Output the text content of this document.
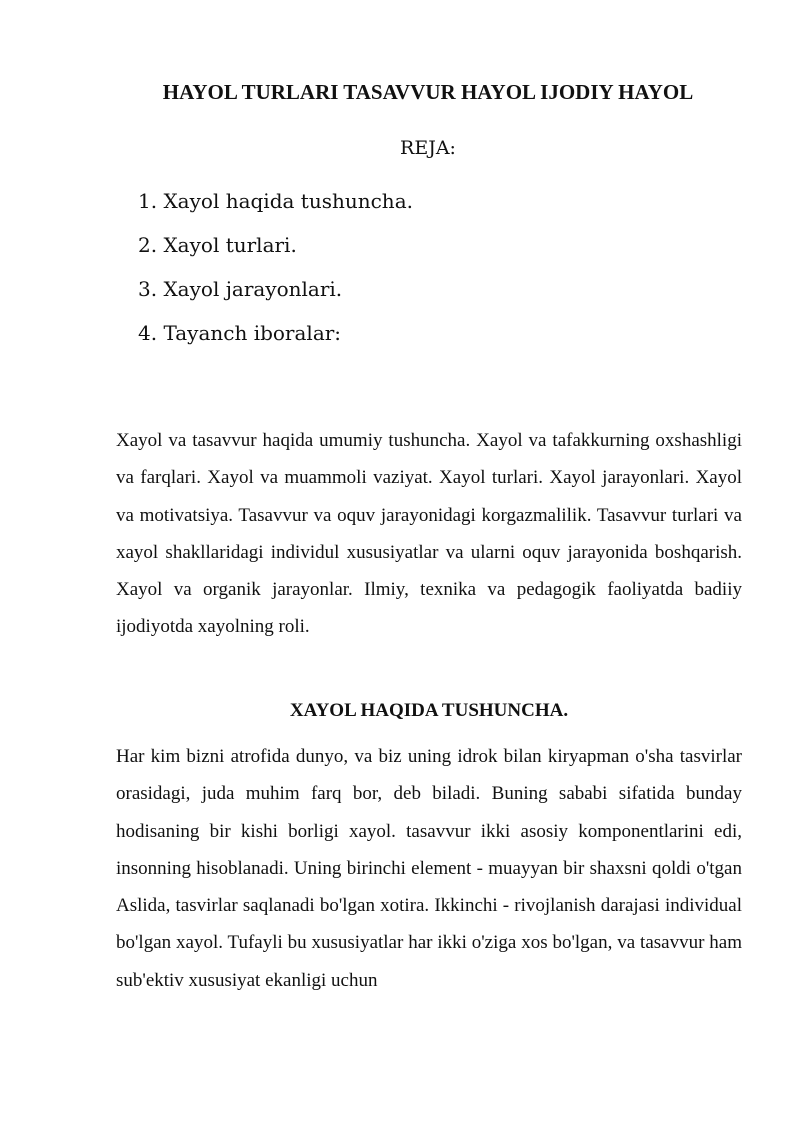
HAYOL TURLARI TASAVVUR HAYOL IJODIY HAYOL

REJA:

1. Xayol haqida tushuncha.
2. Xayol turlari.
3. Xayol jarayonlari.
4. Tayanch iboralar:

Xayol va tasavvur haqida umumiy tushuncha. Xayol va tafakkurning oxshashligi va farqlari. Xayol va muammoli vaziyat. Xayol turlari. Xayol jarayonlari. Xayol va motivatsiya. Tasavvur va oquv jarayonidagi korgazmalilik. Tasavvur turlari va xayol shakllaridagi individul xususiyatlar va ularni oquv jarayonida boshqarish. Xayol va organik jarayonlar. Ilmiy, texnika va pedagogik faoliyatda badiiy ijodiyotda xayolning roli.

XAYOL HAQIDA TUSHUNCHA.

Har kim bizni atrofida dunyo, va biz uning idrok bilan kiryapman o'sha tasvirlar orasidagi, juda muhim farq bor, deb biladi. Buning sababi sifatida bunday hodisaning bir kishi borligi xayol. tasavvur ikki asosiy komponentlarini edi, insonning hisoblanadi. Uning birinchi element - muayyan bir shaxsni qoldi o'tgan Aslida, tasvirlar saqlanadi bo'lgan xotira. Ikkinchi - rivojlanish darajasi individual bo'lgan xayol. Tufayli bu xususiyatlar har ikki o'ziga xos bo'lgan, va tasavvur ham sub'ektiv xususiyat ekanligi uchun
